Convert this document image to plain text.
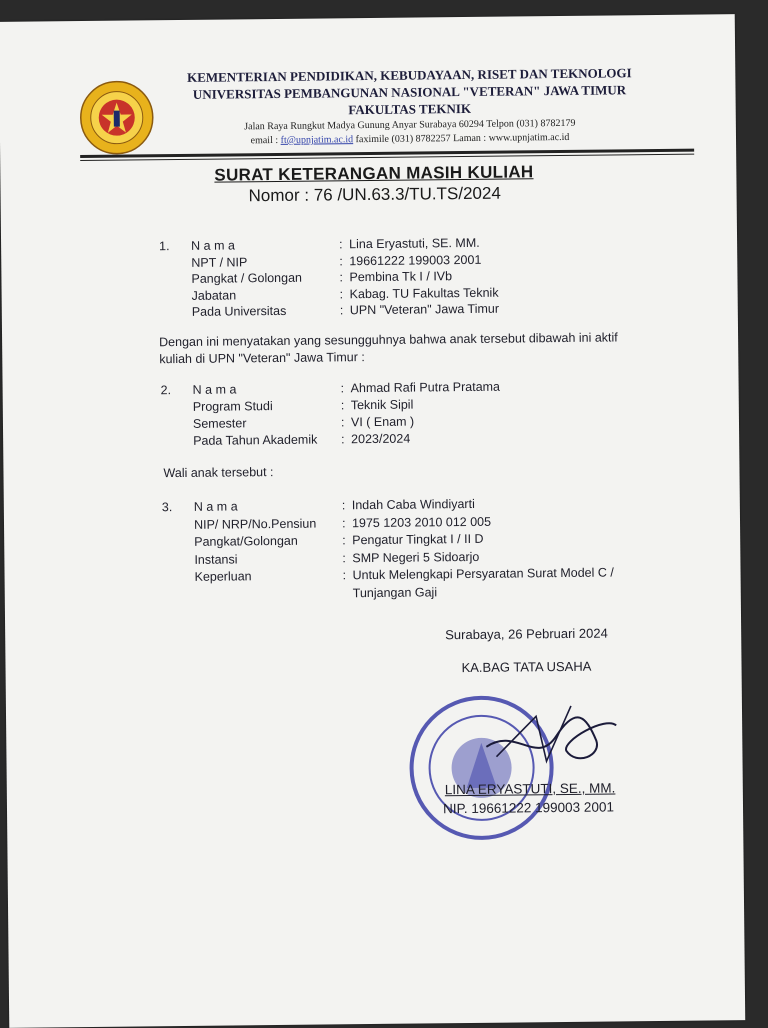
KEMENTERIAN PENDIDIKAN, KEBUDAYAAN, RISET DAN TEKNOLOGI
UNIVERSITAS PEMBANGUNAN NASIONAL "VETERAN" JAWA TIMUR
FAKULTAS TEKNIK
Jalan Raya Rungkut Madya Gunung Anyar Surabaya 60294 Telpon (031) 8782179
email : ft@upnjatim.ac.id faximile (031) 8782257 Laman : www.upnjatim.ac.id
SURAT KETERANGAN MASIH KULIAH
Nomor : 76 /UN.63.3/TU.TS/2024
1. N a m a	: Lina Eryastuti, SE. MM.
NPT / NIP	: 19661222 199003 2001
Pangkat / Golongan	: Pembina Tk I / IVb
Jabatan	: Kabag. TU Fakultas Teknik
Pada Universitas	: UPN "Veteran" Jawa Timur
Dengan ini menyatakan yang sesungguhnya bahwa anak tersebut dibawah ini aktif
kuliah di UPN "Veteran" Jawa Timur :
2. N a m a	: Ahmad Rafi Putra Pratama
Program Studi	: Teknik Sipil
Semester	: VI ( Enam )
Pada Tahun Akademik : 2023/2024
Wali anak tersebut :
3. N a m a	: Indah Caba Windiyarti
NIP/ NRP/No.Pensiun : 1975 1203 2010 012 005
Pangkat/Golongan	: Pengatur Tingkat I / II D
Instansi	: SMP Negeri 5 Sidoarjo
Keperluan	: Untuk Melengkapi Persyaratan Surat Model C /
Tunjangan Gaji
Surabaya, 26 Pebruari 2024
KA.BAG TATA USAHA
LINA ERYASTUTI, SE., MM.
NIP. 19661222 199003 2001
